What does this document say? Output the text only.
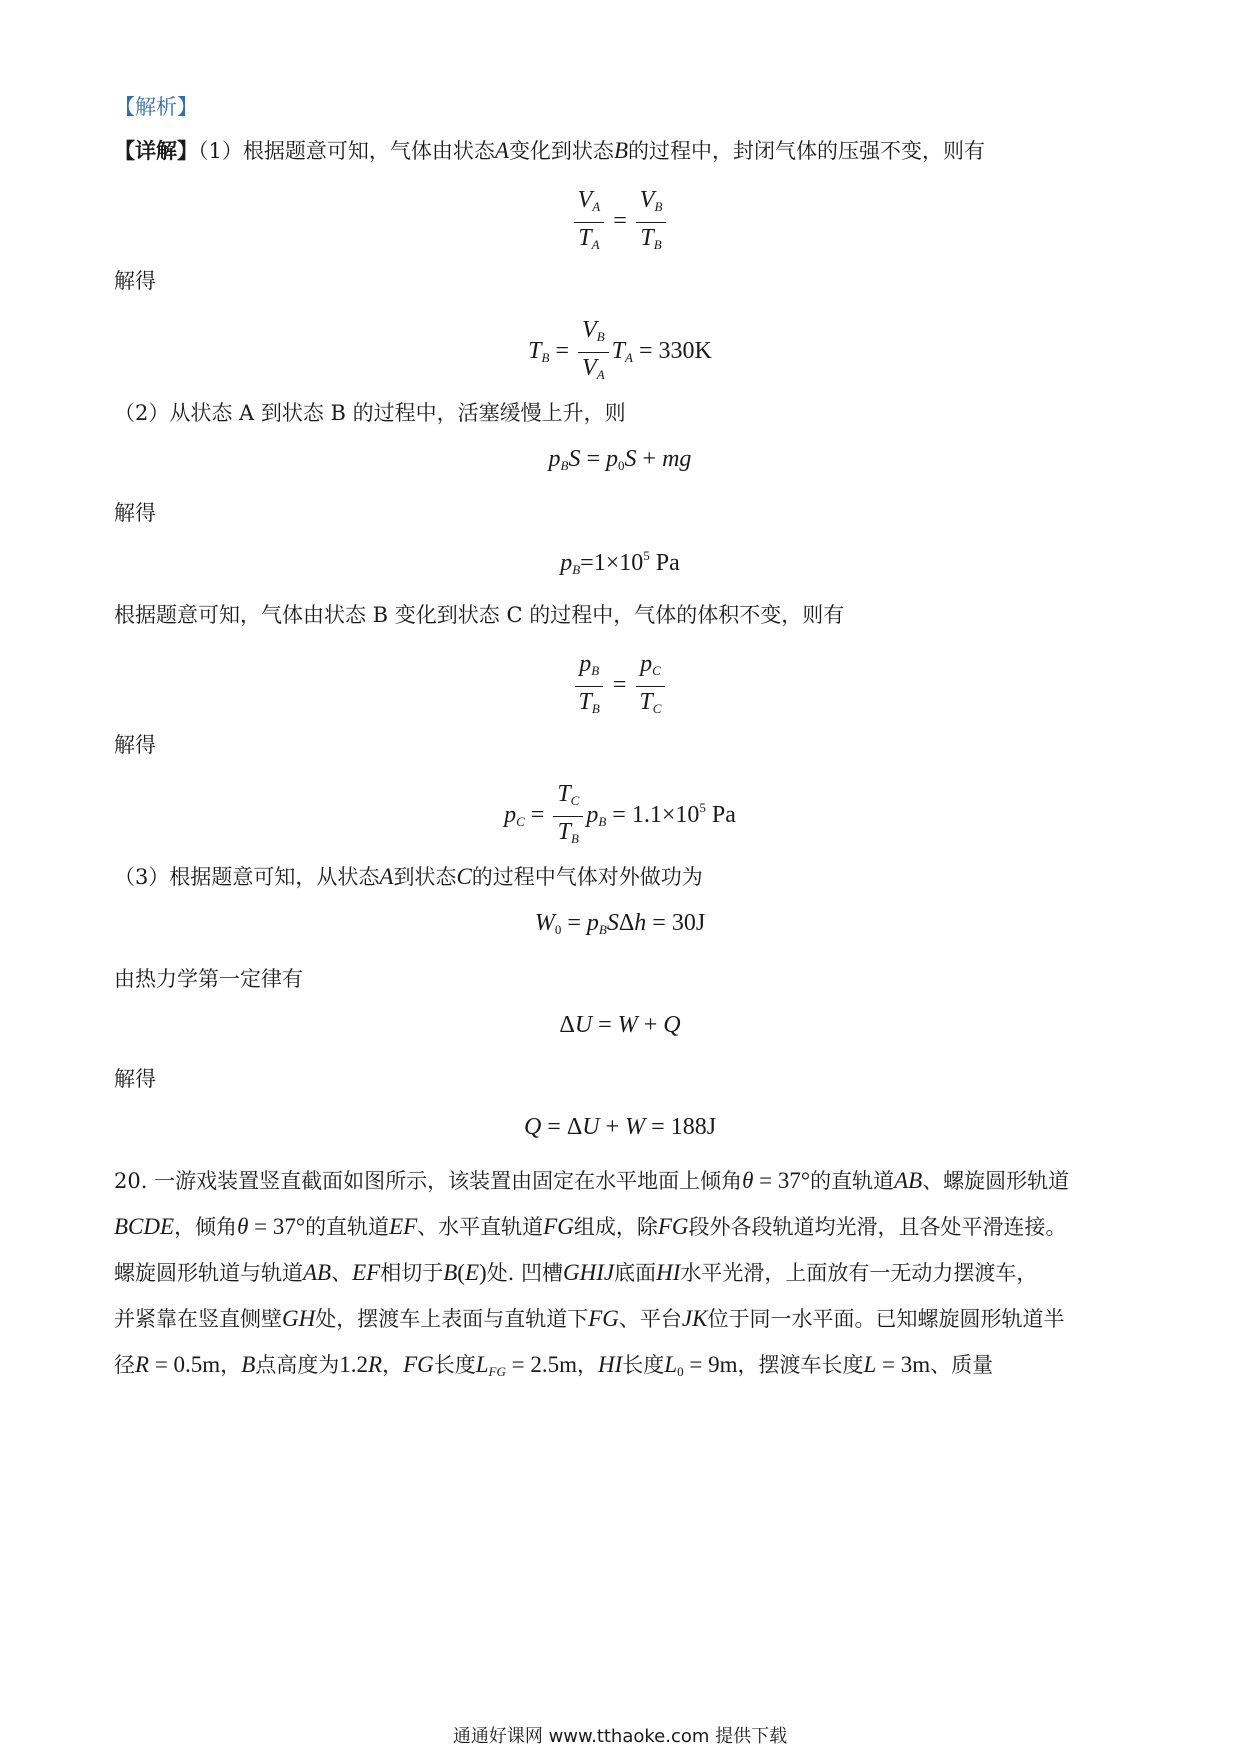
【解析】
【详解】（1）根据题意可知，气体由状态A变化到状态B的过程中，封闭气体的压强不变，则有
$\frac{V_A}{T_A} = \frac{V_B}{T_B}$
解得
$T_B = \frac{V_B}{V_A} T_A = 330K$
（2）从状态 A 到状态 B 的过程中，活塞缓慢上升，则
$p_BS = p_0S$ + mg
解得
$p_B=1\times 10^5$ Pa
根据题意可知，气体由状态 B 变化到状态 C 的过程中，气体的体积不变，则有
$\frac{p_B}{T_B} = \frac{p_C}{T_C}$
解得
$p_C = \frac{T_C}{T_B} p_B = 1.1\times 10^5$ Pa
（3）根据题意可知，从状态A到状态C的过程中气体对外做功为
$W_0 = p_BS\Delta h = 30J$
由热力学第一定律有
ΔU = W + Q
解得
Q = ΔU + W = 188J
20. 一游戏装置竖直截面如图所示，该装置由固定在水平地面上倾角θ = 37°的直轨道AB、螺旋圆形轨道
BCDE，倾角θ = 37°的直轨道EF、水平直轨道FG组成，除FG段外各段轨道均光滑，且各处平滑连接。
螺旋圆形轨道与轨道AB、EF相切于B(E)处. 凹槽GHIJ底面HI水平光滑，上面放有一无动力摆渡车，
并紧靠在竖直侧壁GH处，摆渡车上表面与直轨道下FG、平台JK位于同一水平面。已知螺旋圆形轨道半
径R = 0.5m，B点高度为1.2R，FG长度$L_{FG} = 2.5m$，HI长度$L_0 = 9m$，摆渡车长度L = 3m、质量
通通好课网 www.tthaoke.com 提供下载
